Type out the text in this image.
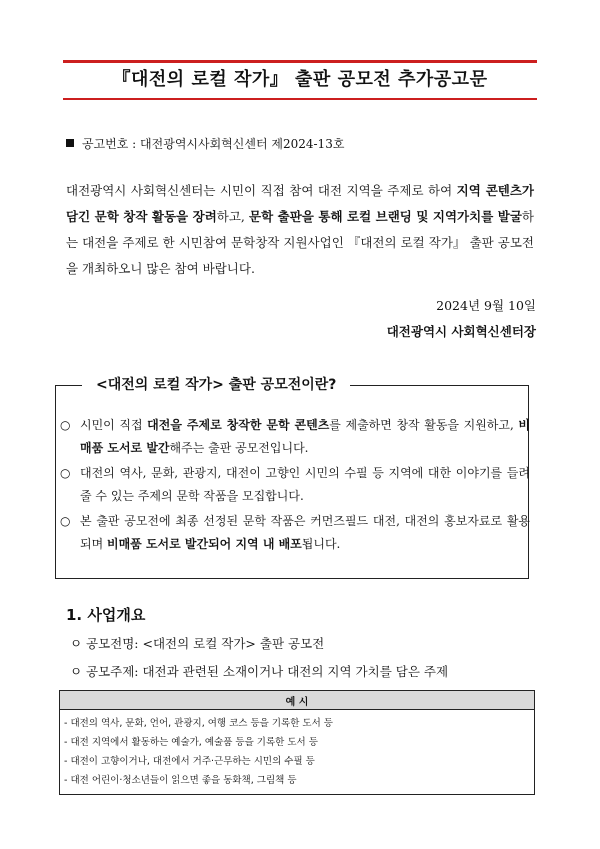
『대전의 로컬 작가』 출판 공모전 추가공고문
공고번호 : 대전광역시사회혁신센터 제2024-13호

대전광역시 사회혁신센터는 시민이 직접 참여 대전 지역을 주제로 하여 지역 콘텐츠가 담긴 문학 창작 활동을 장려하고, 문학 출판을 통해 로컬 브랜딩 및 지역가치를 발굴하는 대전을 주제로 한 시민참여 문학창작 지원사업인 『대전의 로컬 작가』 출판 공모전을 개최하오니 많은 참여 바랍니다.

2024년 9월 10일
대전광역시 사회혁신센터장
<대전의 로컬 작가> 출판 공모전이란?
○ 시민이 직접 대전을 주제로 창작한 문학 콘텐츠를 제출하면 창작 활동을 지원하고, 비매품 도서로 발간해주는 출판 공모전입니다.
○ 대전의 역사, 문화, 관광지, 대전이 고향인 시민의 수필 등 지역에 대한 이야기를 들려줄 수 있는 주제의 문학 작품을 모집합니다.
○ 본 출판 공모전에 최종 선정된 문학 작품은 커먼즈필드 대전, 대전의 홍보자료로 활용되며 비매품 도서로 발간되어 지역 내 배포됩니다.
1. 사업개요
ㅇ 공모전명: <대전의 로컬 작가> 출판 공모전
ㅇ 공모주제: 대전과 관련된 소재이거나 대전의 지역 가치를 담은 주제
예 시

- 대전의 역사, 문화, 언어, 관광지, 여행 코스 등을 기록한 도서 등
- 대전 지역에서 활동하는 예술가, 예술품 등을 기록한 도서 등
- 대전이 고향이거나, 대전에서 거주·근무하는 시민의 수필 등
- 대전 어린이·청소년들이 읽으면 좋을 동화책, 그림책 등
